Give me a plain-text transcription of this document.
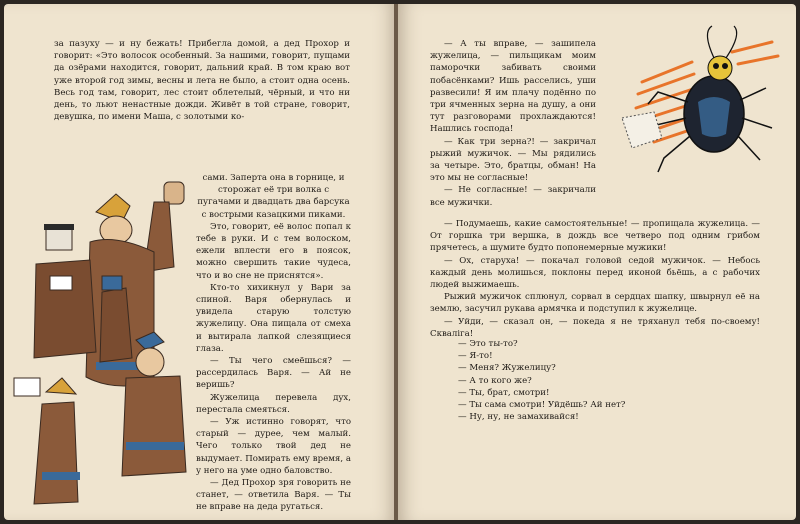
за пазуху — и ну бежать! Прибегла домой, а дед Прохор и говорит: «Это волосок особенный. За нашими, говорит, пущами да озёрами находится, говорит, дальний край. В том краю вот уже второй год зимы, весны и лета не было, а стоит одна осень. Весь год там, говорит, лес стоит облетелый, чёрный, и что ни день, то льют ненастные дожди. Живёт в той стране, говорит, девушка, по имени Маша, с золотыми ко-

сами. Заперта она в горнице, и сторожат её три волка с пугачами и двадцать два барсука с вострыми казацкими пиками.

Это, говорит, её волос попал к тебе в руки. И с тем волоском, ежели вплести его в поясок, можно свершить такие чудеса, что и во сне не приснятся».

Кто-то хихикнул у Вари за спиной. Варя обернулась и увидела старую толстую жужелицу. Она пищала от смеха и вытирала лапкой слезящиеся глаза.

— Ты чего смеёшься? — рассердилась Варя. — Ай не веришь?

Жужелица перевела дух, перестала смеяться.

— Уж истинно говорят, что старый — дурее, чем малый. Чего только твой дед не выдумает. Помирать ему время, а у него на уме одно баловство.

— Дед Прохор зря говорить не станет, — ответила Варя. — Ты не вправе на деда ругаться.

— А ты вправе, — зашипела жужелица, — пильщикам моим паморочки забивать своими побасёнками? Ишь расселись, уши развесили! Я им плачу подённо по три ячменных зерна на душу, а они тут разговорами прохлаждаются! Нашлись господа!

— Как три зерна?! — закричал рыжий мужичок. — Мы рядились за четыре. Это, братцы, обман! На это мы не согласные!

— Не согласные! — закричали все мужички.

— Подумаешь, какие самостоятельные! — пропищала жужелица. — От горшка три вершка, в дождь все четверо под одним грибом прячетесь, а шумите будто попонемерные мужики!

— Ох, старуха! — покачал головой седой мужичок. — Небось каждый день молишься, поклоны перед иконой бьёшь, а с рабочих людей выжимаешь.

Рыжий мужичок сплюнул, сорвал в сердцах шапку, швырнул её на землю, засучил рукава армячка и подступил к жужелице.

— Уйди, — сказал он, — покеда я не тряханул тебя по-своему! Скваліга!

— Это ты-то?

— Я-то!

— Меня? Жужелицу?

— А то кого же?

— Ты, брат, смотри!

— Ты сама смотри! Уйдёшь? Ай нет?

— Ну, ну, не замахивайся!
